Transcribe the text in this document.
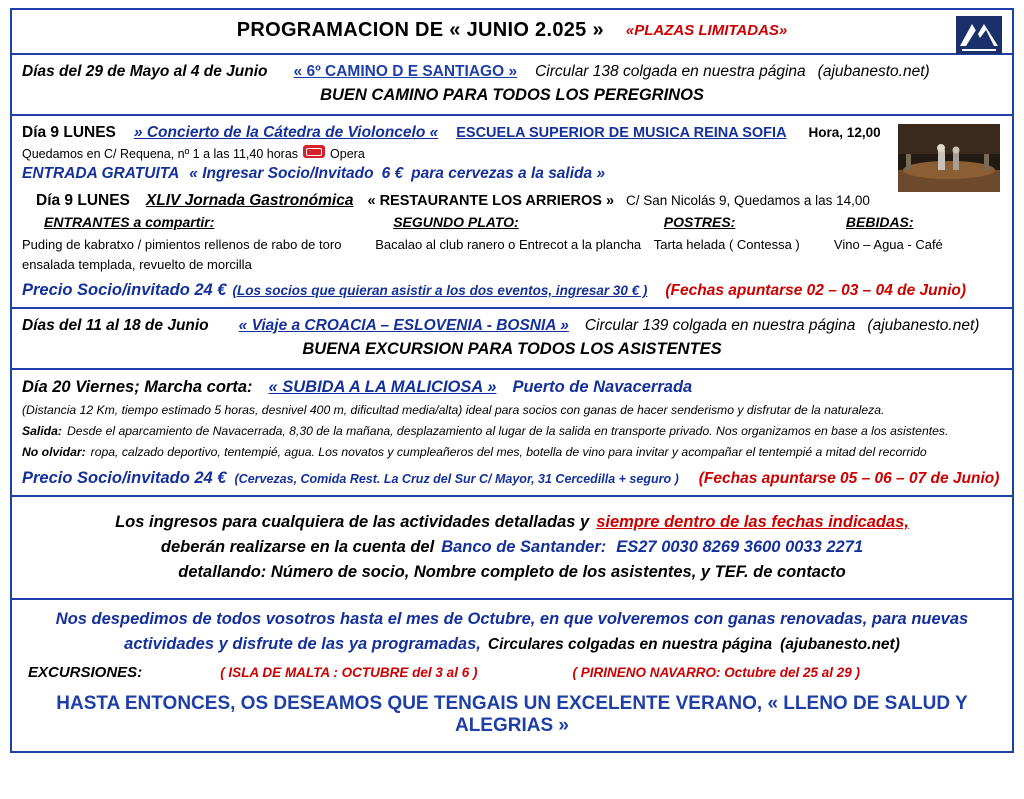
PROGRAMACION DE « JUNIO 2.025 » «PLAZAS LIMITADAS»
Días del 29 de Mayo al 4 de Junio « 6º CAMINO D E SANTIAGO » Circular 138 colgada en nuestra página (ajubanesto.net)
BUEN CAMINO PARA TODOS LOS PEREGRINOS
Día 9 LUNES » Concierto de la Cátedra de Violoncelo « ESCUELA SUPERIOR DE MUSICA REINA SOFIA Hora, 12,00
Quedamos en C/ Requena, nº 1 a las 11,40 horas	Opera
ENTRADA GRATUITA « Ingresar Socio/Invitado 6 € para cervezas a la salida »
Día 9 LUNES XLIV Jornada Gastronómica « RESTAURANTE LOS ARRIEROS » C/ San Nicolás 9, Quedamos a las 14,00
ENTRANTES a compartir:
Puding de kabratxo / pimientos rellenos de rabo de toro
ensalada templada, revuelto de morcilla
SEGUNDO PLATO:
Bacalao al club ranero o Entrecot a la plancha
POSTRES:
Tarta helada ( Contessa )
BEBIDAS:
Vino – Agua - Café
Precio Socio/invitado 24 € (Los socios que quieran asistir a los dos eventos, ingresar 30 € ) (Fechas apuntarse 02 – 03 – 04 de Junio)
Días del 11 al 18 de Junio « Viaje a CROACIA – ESLOVENIA - BOSNIA » Circular 139 colgada en nuestra página (ajubanesto.net)
BUENA EXCURSION PARA TODOS LOS ASISTENTES
Día 20 Viernes; Marcha corta: « SUBIDA A LA MALICIOSA » Puerto de Navacerrada
(Distancia 12 Km, tiempo estimado 5 horas, desnivel 400 m, dificultad media/alta) ideal para socios con ganas de hacer senderismo y disfrutar de la naturaleza.
Salida: Desde el aparcamiento de Navacerrada, 8,30 de la mañana, desplazamiento al lugar de la salida en transporte privado. Nos organizamos en base a los asistentes.
No olvidar: ropa, calzado deportivo, tentempié, agua. Los novatos y cumpleañeros del mes, botella de vino para invitar y acompañar el tentempié a mitad del recorrido
Precio Socio/invitado 24 € (Cervezas, Comida Rest. La Cruz del Sur C/ Mayor, 31 Cercedilla + seguro ) (Fechas apuntarse 05 – 06 – 07 de Junio)
Los ingresos para cualquiera de las actividades detalladas y siempre dentro de las fechas indicadas,
deberán realizarse en la cuenta del Banco de Santander: ES27 0030 8269 3600 0033 2271
detallando: Número de socio, Nombre completo de los asistentes, y TEF. de contacto
Nos despedimos de todos vosotros hasta el mes de Octubre, en que volveremos con ganas renovadas, para nuevas
actividades y disfrute de las ya programadas, Circulares colgadas en nuestra página (ajubanesto.net)
EXCURSIONES:	( ISLA DE MALTA : OCTUBRE del 3 al 6 )	( PIRINENO NAVARRO: Octubre del 25 al 29 )
HASTA ENTONCES, OS DESEAMOS QUE TENGAIS UN EXCELENTE VERANO, « LLENO DE SALUD Y ALEGRIAS »
